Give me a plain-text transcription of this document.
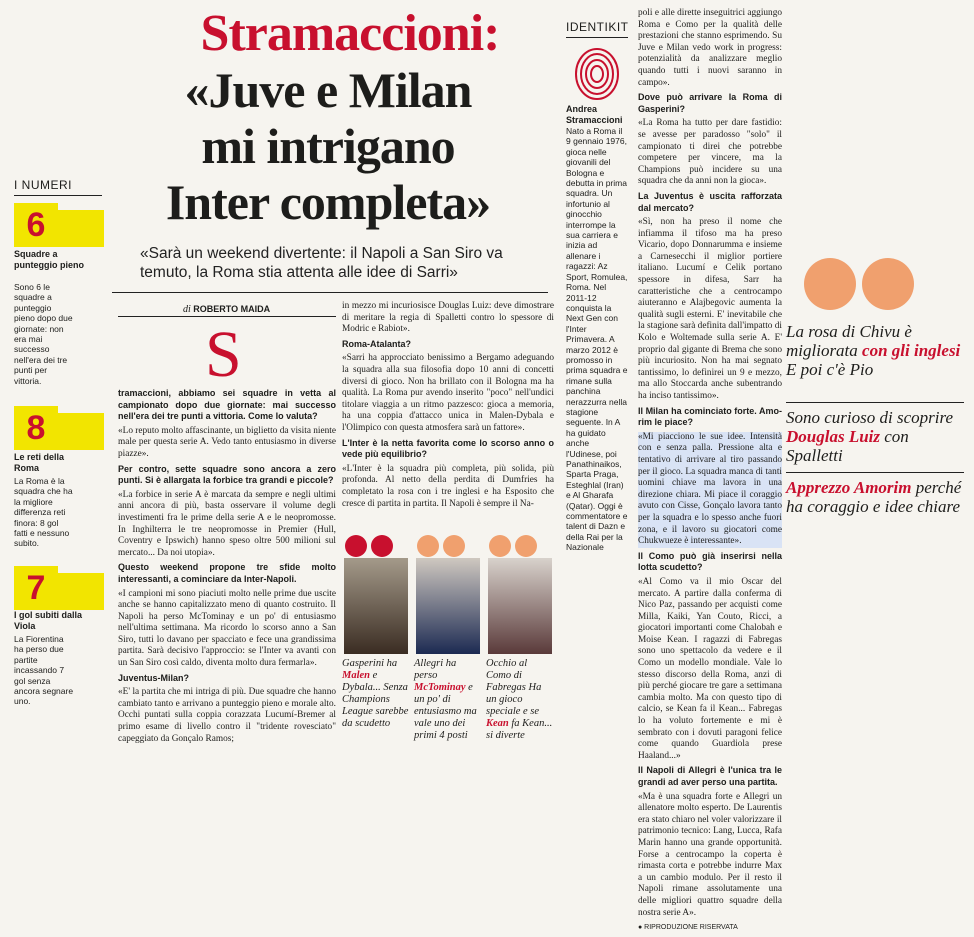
Stramaccioni:
«Juve e Milan
mi intrigano
Inter completa»
«Sarà un weekend divertente: il Napoli a San Siro va temuto, la Roma stia attenta alle idee di Sarri»
di ROBERTO MAIDA
I NUMERI
6
Squadre a punteggio pieno
Sono 6 le squadre a punteggio pieno dopo due giornate: non era mai successo nell'era dei tre punti per vittoria.
8
Le reti della Roma
La Roma è la squadra che ha la migliore differenza reti finora: 8 gol fatti e nessuno subito.
7
I gol subiti dalla Viola
La Fiorentina ha perso due partite incassando 7 gol senza ancora segnare uno.
S

tramaccioni, abbiamo sei squadre in vetta al campionato dopo due giornate: mai successo nell'era dei tre punti a vittoria. Come lo valuta?

«Lo reputo molto affascinante, un biglietto da visita niente male per questa serie A. Vedo tanto entusiasmo in diverse piazze».

Per contro, sette squadre sono ancora a zero punti. Si è allargata la forbice tra grandi e piccole?

«La forbice in serie A è marcata da sempre e negli ultimi anni ancora di più, basta osservare il volume degli investimenti fra le prime della serie A e le neopromosse. In Inghilterra le tre neopromosse in Premier (Hull, Coventry e Ipswich) hanno speso oltre 500 milioni sul mercato... Da noi utopia».

Questo weekend propone tre sfide molto interessanti, a cominciare da Inter-Napoli.

«I campioni mi sono piaciuti molto nelle prime due uscite anche se hanno capitalizzato meno di quanto costruito. Il Napoli ha perso McTominay e un po' di entusiasmo nell'ultima settimana. Ma ricordo lo scorso anno a San Siro, tutti lo davano per spacciato e fece una grandissima partita. Sarà decisivo l'approccio: se l'Inter va avanti con un San Siro così caldo, diventa molto dura fermarla».

Juventus-Milan?

«E' la partita che mi intriga di più. Due squadre che hanno cambiato tanto e arrivano a punteggio pieno e morale alto. Occhi puntati sulla coppia corazzata Lucumí-Bremer al primo esame di livello contro il "tridente rovesciato" capeggiato da Gonçalo Ramos;

in mezzo mi incuriosisce Douglas Luiz: deve dimostrare di meritare la regia di Spalletti contro lo spessore di Modric e Rabiot».

Roma-Atalanta?

«Sarri ha approcciato benissimo a Bergamo adeguando la squadra alla sua filosofia dopo 10 anni di concetti diversi di gioco. Non ha brillato con il Bologna ma ha qualità. La Roma pur avendo inserito "poco" nell'undici titolare viaggia a un ritmo pazzesco: gioca a memoria, ha una coppia d'attacco unica in Malen-Dybala e l'Olimpico con questa atmosfera sarà un fattore».

L'Inter è la netta favorita come lo scorso anno o vede più equilibrio?

«L'Inter è la squadra più completa, più solida, più profonda. Al netto della perdita di Dumfries ha completato la rosa con i tre inglesi e ha Esposito che cresce di partita in partita. Il Napoli è sempre il Na-

Gasperini ha Malen e Dybala... Senza Champions League sarebbe da scudetto
Allegri ha perso McTominay e un po' di entusiasmo ma vale uno dei primi 4 posti
Occhio al Como di Fabregas Ha un gioco speciale e se Kean fa Kean... si diverte
IDENTIKIT
Andrea Stramaccioni
Nato a Roma il 9 gennaio 1976, gioca nelle giovanili del Bologna e debutta in prima squadra. Un infortunio al ginocchio interrompe la sua carriera e inizia ad allenare i ragazzi: Az Sport, Romulea, Roma. Nel 2011-12 conquista la Next Gen con l'Inter Primavera. A marzo 2012 è promosso in prima squadra e rimane sulla panchina nerazzurra nella stagione seguente. In A ha guidato anche l'Udinese, poi Panathinaikos, Sparta Praga, Esteghlal (Iran) e Al Gharafa (Qatar). Oggi è commentatore e talent di Dazn e della Rai per la Nazionale

poli e alle dirette inseguitrici aggiungo Roma e Como per la qualità delle prestazioni che stanno esprimendo. Su Juve e Milan vedo work in progress: potenzialità da analizzare meglio quando tutti i nuovi saranno in campo».

Dove può arrivare la Roma di Gasperini?

«La Roma ha tutto per dare fastidio: se avesse per paradosso "solo" il campionato ti direi che potrebbe competere per vincere, ma la Champions può incidere su una squadra che da anni non la gioca».

La Juventus è uscita rafforzata dal mercato?

«Sì, non ha preso il nome che infiamma il tifoso ma ha preso Vicario, dopo Donnarumma e insieme a Carnesecchi il miglior portiere italiano. Lucumí e Celik portano spessore in difesa, Sarr ha caratteristiche che a centrocampo aiuteranno e Alajbegovic aumenta la qualità sugli esterni. E' inevitabile che la stagione sarà definita dall'impatto di Kolo e Woltemade sulla serie A. E' proprio dal gigante di Brema che sono più incuriosito. Non ha mai segnato tantissimo, lo definirei un 9 e mezzo, ma allo Stoccarda anche subentrando ha inciso tantissimo».

Il Milan ha cominciato forte. Amo-rim le piace?

«Mi piacciono le sue idee. Intensità con e senza palla. Pressione alta e tentativo di arrivare al tiro passando per il gioco. La squadra manca di tanti uomini chiave ma lavora in una direzione chiara. Mi piace il coraggio avuto con Cisse, Gonçalo lavora tanto per la squadra e lo spesso anche fuori zona, e il lavoro su giocatori come Chukwueze è interessante».

Il Como può già inserirsi nella lotta scudetto?

«Al Como va il mio Oscar del mercato. A partire dalla conferma di Nico Paz, passando per acquisti come Milla, Kaiki, Yan Couto, Ricci, a giocatori importanti come Chalobah e Moise Kean. I ragazzi di Fabregas sono uno spettacolo da vedere e il Como un modello mondiale. Vale lo stesso discorso della Roma, anzi di più perché giocare tre gare a settimana cambia molto. Ma con questo tipo di calcio, se Kean fa il Kean... Fabregas lo ha voluto fortemente e mi è sembrato con i dovuti paragoni felice come quando Guardiola prese Haaland...»

Il Napoli di Allegri è l'unica tra le grandi ad aver perso una partita.

«Ma è una squadra forte e Allegri un allenatore molto esperto. De Laurentis era stato chiaro nel voler valorizzare il patrimonio tecnico: Lang, Lucca, Rafa Marin hanno una grande opportunità. Forse a centrocampo la coperta è rimasta corta e potrebbe indurre Max a un cambio modulo. Per il resto il Napoli rimane assolutamente una delle migliori quattro squadre della nostra serie A».

● RIPRODUZIONE RISERVATA

La rosa di Chivu è migliorata con gli inglesi
E poi c'è Pio
Sono curioso di scoprire Douglas Luiz con Spalletti
Apprezzo Amorim perché ha coraggio e idee chiare
